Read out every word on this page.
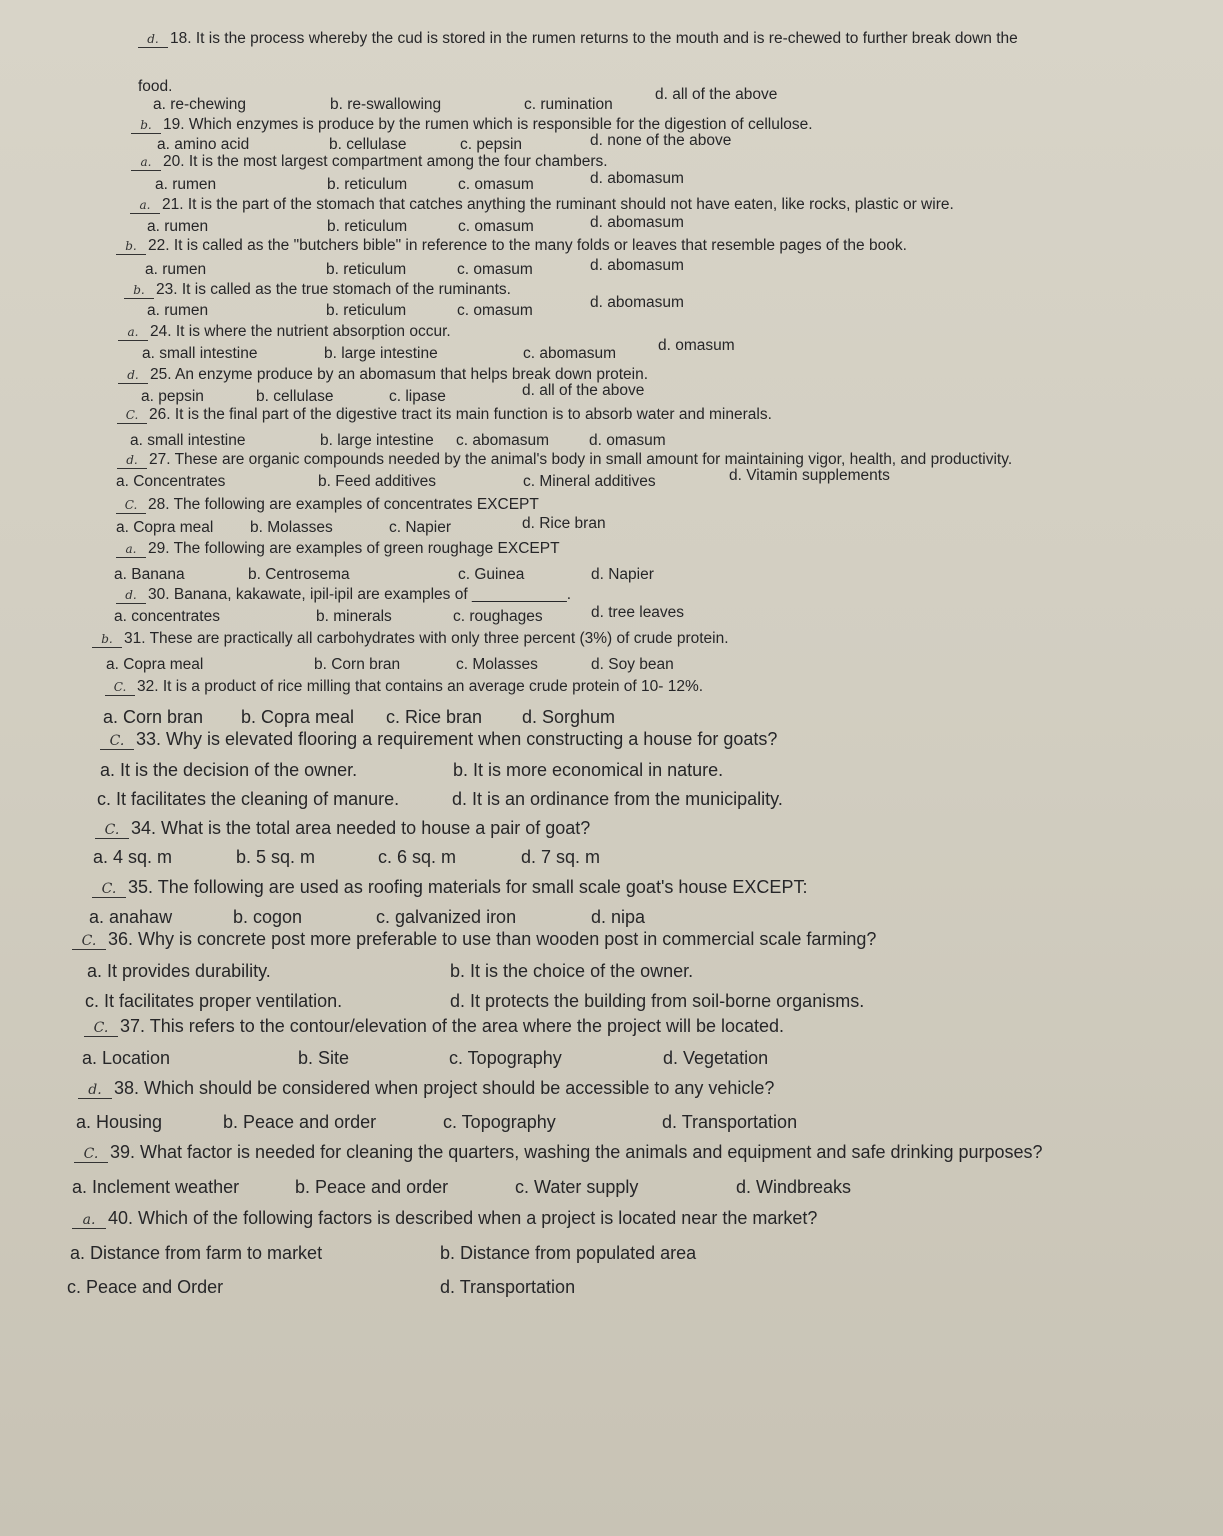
d. 18. It is the process whereby the cud is stored in the rumen returns to the mouth and is re-chewed to further break down the
food.
a. re-chewing	b. re-swallowing	c. rumination
d. all of the above
b. 19. Which enzymes is produce by the rumen which is responsible for the digestion of cellulose.
a. amino acid	b. cellulase	c. pepsin	d. none of the above
a. 20. It is the most largest compartment among the four chambers.
a. rumen	b. reticulum	c. omasum	d. abomasum
a. 21. It is the part of the stomach that catches anything the ruminant should not have eaten, like rocks, plastic or wire.
a. rumen	b. reticulum	c. omasum	d. abomasum
b. 22. It is called as the "butchers bible" in reference to the many folds or leaves that resemble pages of the book.
a. rumen	b. reticulum	c. omasum	d. abomasum
b. 23. It is called as the true stomach of the ruminants.
a. rumen	b. reticulum	c. omasum	d. abomasum
a. 24. It is where the nutrient absorption occur.
a. small intestine	b. large intestine	c. abomasum	d. omasum
d. 25. An enzyme produce by an abomasum that helps break down protein.
a. pepsin	b. cellulase	c. lipase	d. all of the above
C. 26. It is the final part of the digestive tract its main function is to absorb water and minerals.
a. small intestine	b. large intestine c. abomasum	d. omasum
d. 27. These are organic compounds needed by the animal's body in small amount for maintaining vigor, health, and productivity.
a. Concentrates	b. Feed additives	c. Mineral additives	d. Vitamin supplements
C. 28. The following are examples of concentrates EXCEPT
a. Copra meal b. Molasses	c. Napier	d. Rice bran
a. 29. The following are examples of green roughage EXCEPT
a. Banana	b. Centrosema	c. Guinea	d. Napier
d. 30. Banana, kakawate, ipil-ipil are examples of ___________.
a. concentrates	b. minerals	c. roughages	d. tree leaves
b. 31. These are practically all carbohydrates with only three percent (3%) of crude protein.
a. Copra meal	b. Corn bran	c. Molasses	d. Soy bean
C. 32. It is a product of rice milling that contains an average crude protein of 10- 12%.
a. Corn bran b. Copra meal c. Rice bran d. Sorghum
C. 33. Why is elevated flooring a requirement when constructing a house for goats?
a. It is the decision of the owner.	b. It is more economical in nature.
c. It facilitates the cleaning of manure.	d. It is an ordinance from the municipality.
C. 34. What is the total area needed to house a pair of goat?
a. 4 sq. m	b. 5 sq. m	c. 6 sq. m	d. 7 sq. m
C. 35. The following are used as roofing materials for small scale goat's house EXCEPT:
a. anahaw	b. cogon	c. galvanized iron	d. nipa
C. 36. Why is concrete post more preferable to use than wooden post in commercial scale farming?
a. It provides durability.	b. It is the choice of the owner.
c. It facilitates proper ventilation.	d. It protects the building from soil-borne organisms.
C. 37. This refers to the contour/elevation of the area where the project will be located.
a. Location	b. Site	c. Topography	d. Vegetation
d. 38. Which should be considered when project should be accessible to any vehicle?
a. Housing	b. Peace and order	c. Topography	d. Transportation
C. 39. What factor is needed for cleaning the quarters, washing the animals and equipment and safe drinking purposes?
a. Inclement weather	b. Peace and order	c. Water supply	d. Windbreaks
a. 40. Which of the following factors is described when a project is located near the market?
a. Distance from farm to market	b. Distance from populated area
c. Peace and Order	d. Transportation
